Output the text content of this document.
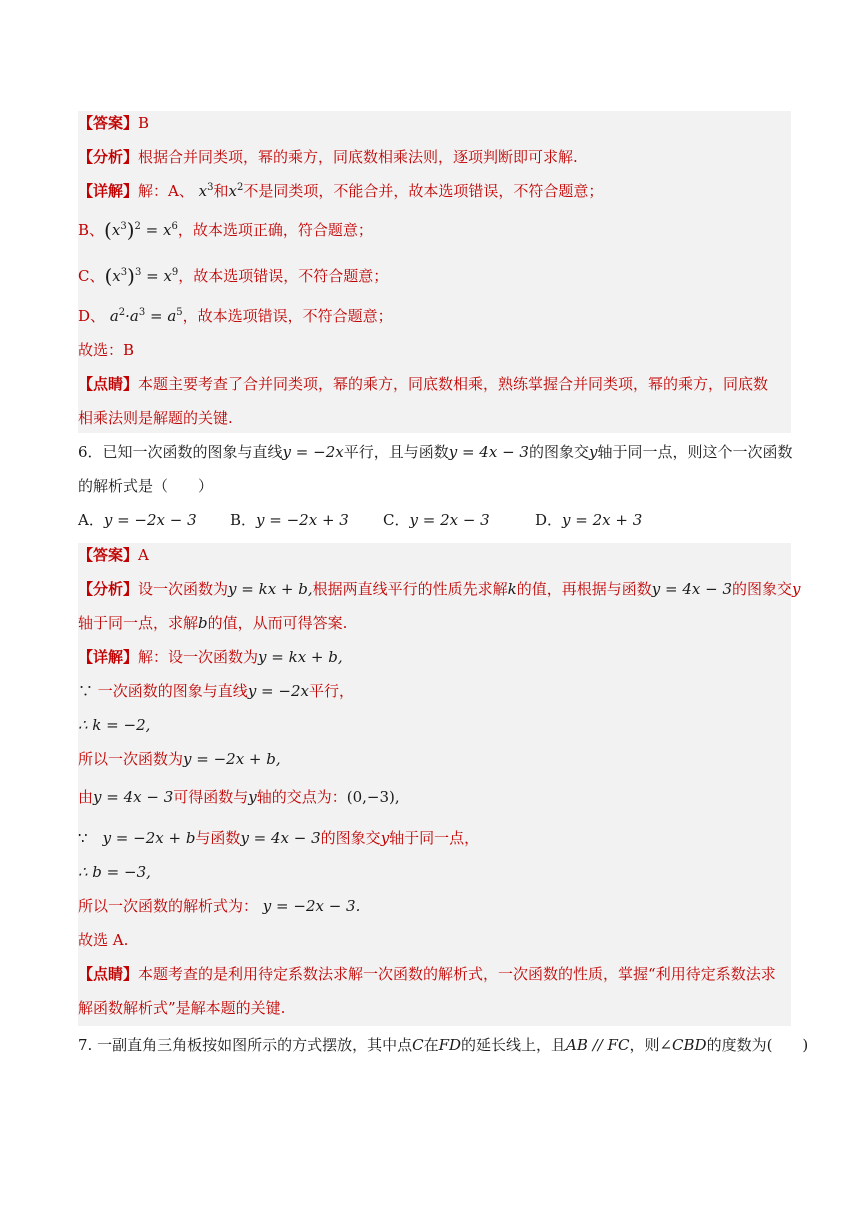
【答案】B
【分析】根据合并同类项，幂的乘方，同底数相乘法则，逐项判断即可求解.
【详解】解：A、 $x^3$和$x^2$不是同类项，不能合并，故本选项错误，不符合题意；
B、$(x^3)^2 = x^6$，故本选项正确，符合题意；
C、$(x^3)^3 = x^9$，故本选项错误，不符合题意；
D、 $a^2\cdot a^3 = a^5$，故本选项错误，不符合题意；
故选：B
【点睛】本题主要考查了合并同类项，幂的乘方，同底数相乘，熟练掌握合并同类项，幂的乘方，同底数
相乘法则是解题的关键.
6．已知一次函数的图象与直线y = −2x平行，且与函数y = 4x − 3的图象交y轴于同一点，则这个一次函数
的解析式是（　　）
A．y = −2x − 3 B．y = −2x + 3 C．y = 2x − 3	D．y = 2x + 3
【答案】A
【分析】设一次函数为y = kx + b,根据两直线平行的性质先求解k的值，再根据与函数y = 4x − 3的图象交y
轴于同一点，求解b的值，从而可得答案.
【详解】解：设一次函数为y = kx + b,
∵ 一次函数的图象与直线y = −2x平行，
∴ k = −2,
所以一次函数为y = −2x + b,
由y = 4x − 3可得函数与y轴的交点为：(0,−3),
∵　 y = −2x + b与函数y = 4x − 3的图象交y轴于同一点，
∴ b = −3,
所以一次函数的解析式为： y = −2x − 3.
故选 A.
【点睛】本题考查的是利用待定系数法求解一次函数的解析式，一次函数的性质，掌握“利用待定系数法求
解函数解析式”是解本题的关键.
7. 一副直角三角板按如图所示的方式摆放，其中点C在FD的延长线上，且AB // FC，则∠CBD的度数为(　　)
